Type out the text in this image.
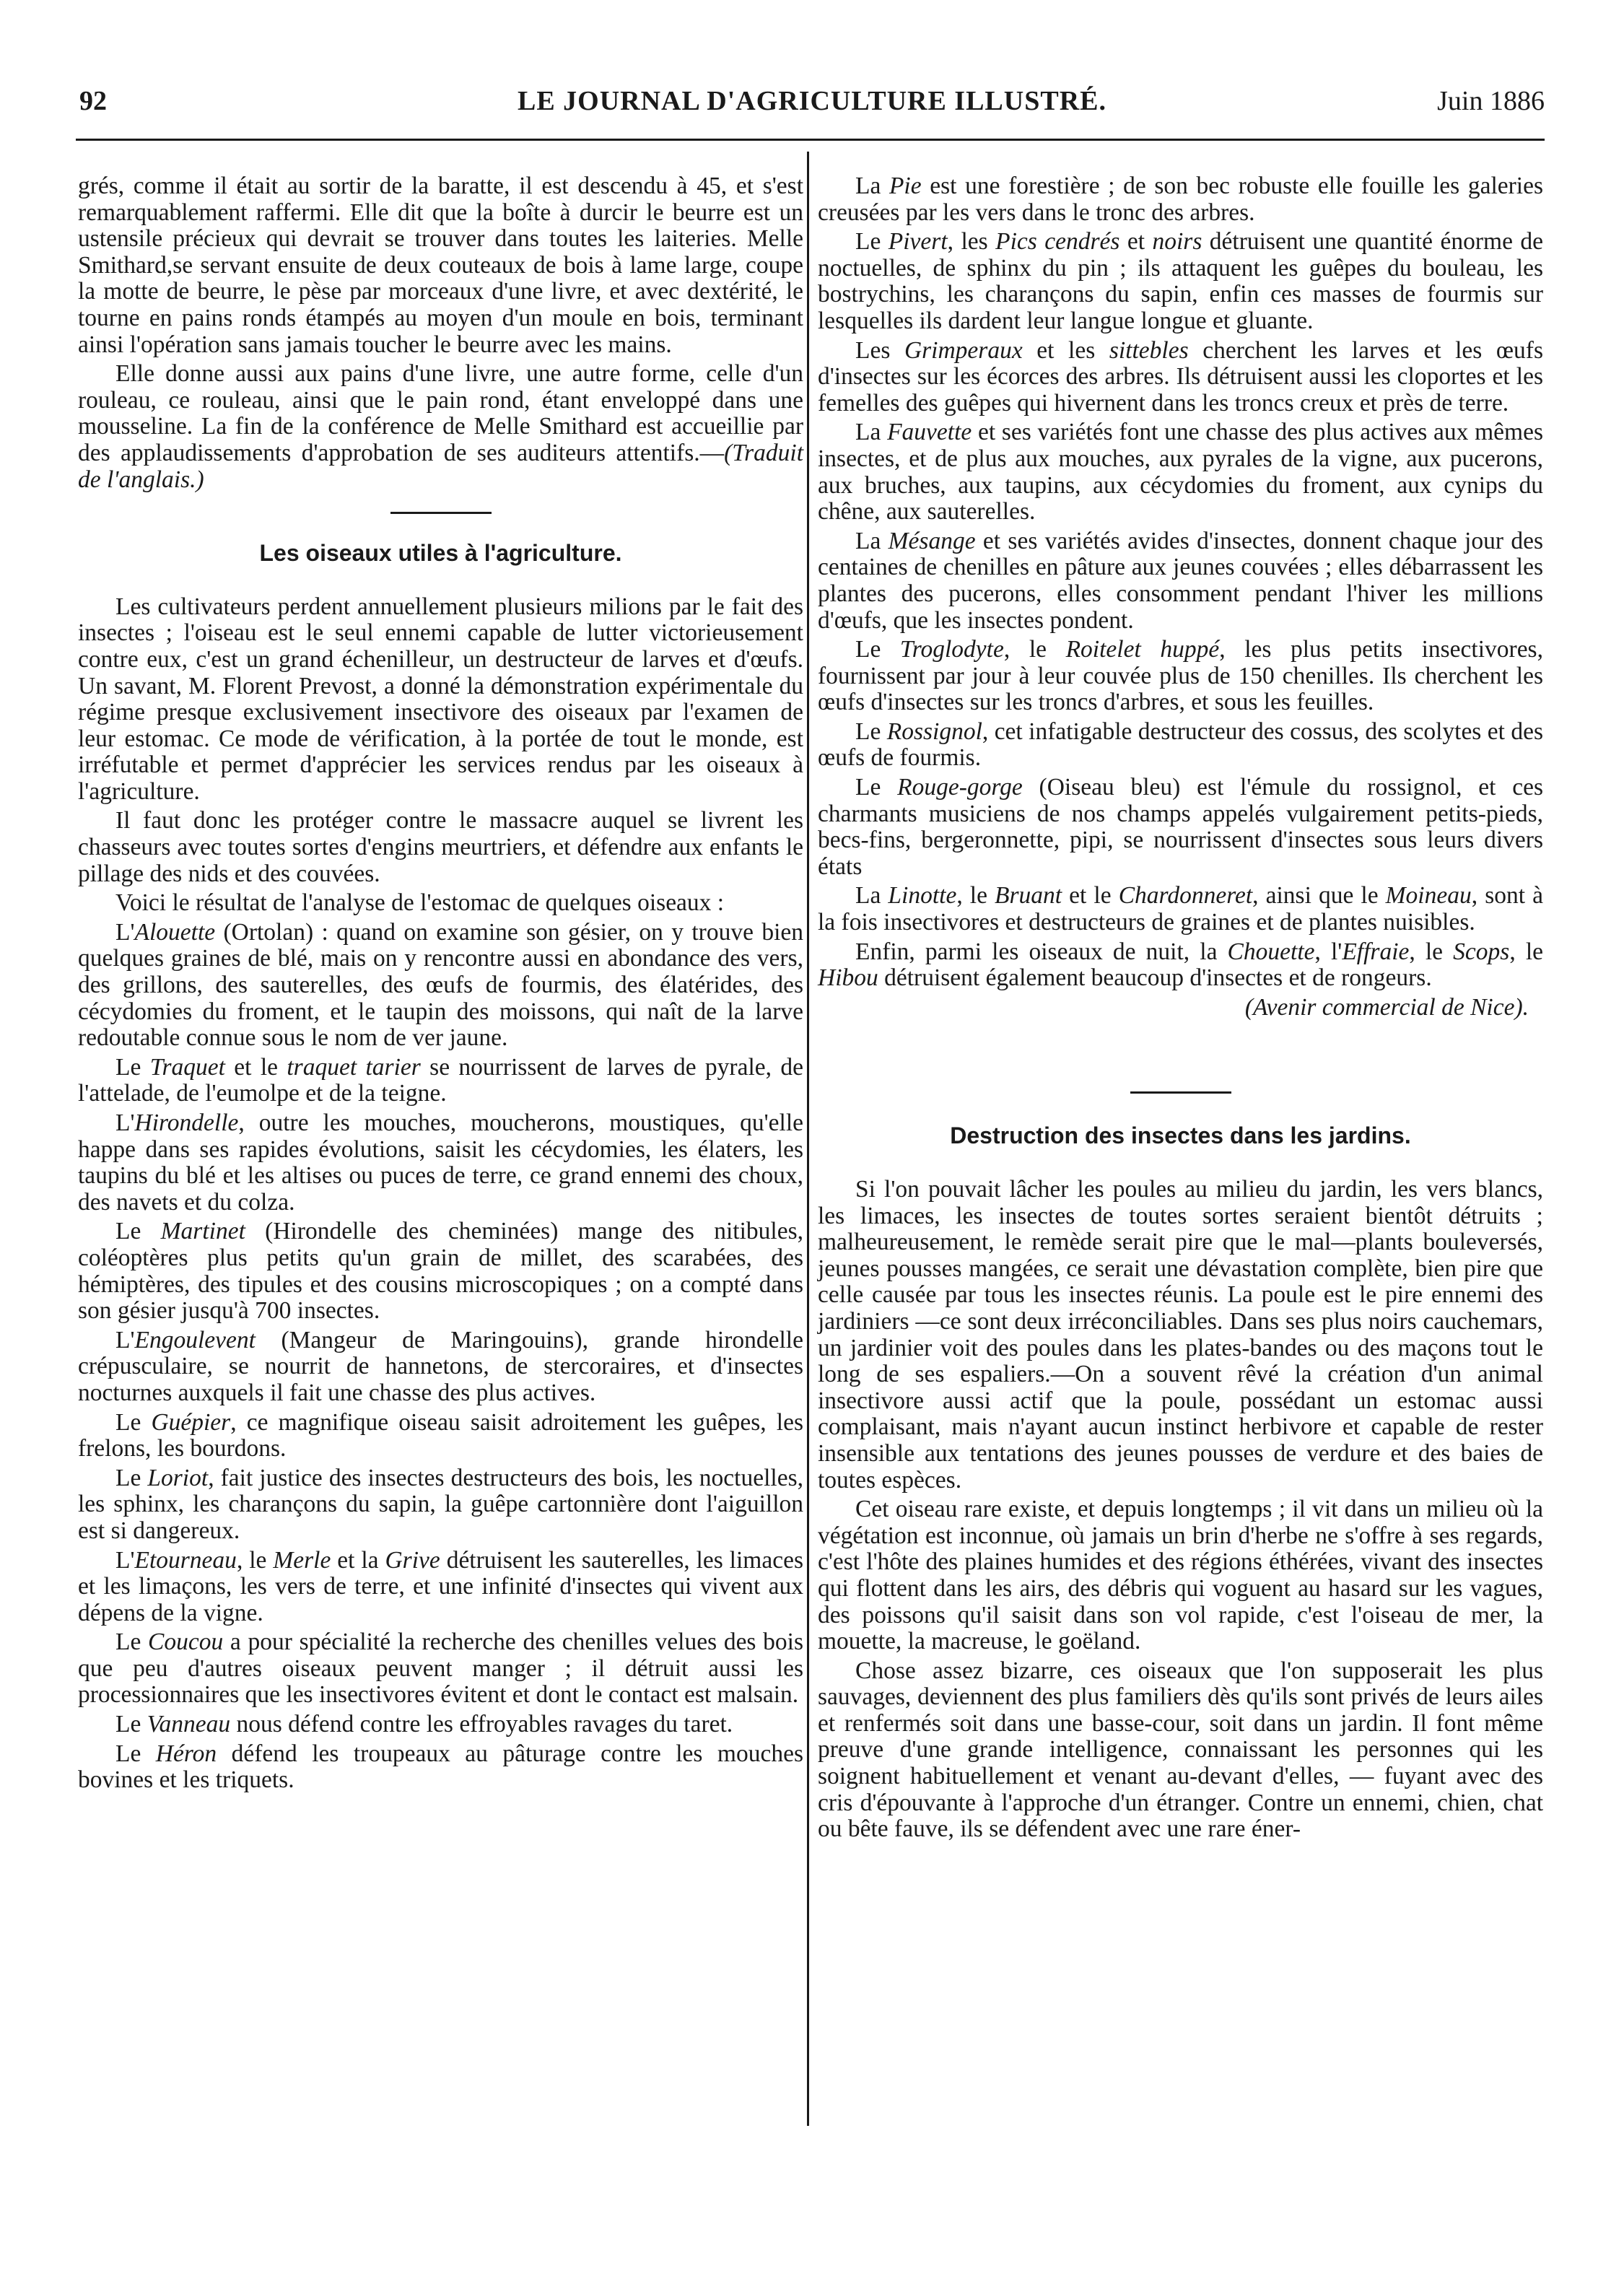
92	LE JOURNAL D'AGRICULTURE ILLUSTRÉ.	Juin 1886

grés, comme il était au sortir de la baratte, il est descendu à 45, et s'est remarquablement raffermi. Elle dit que la boîte à durcir le beurre est un ustensile précieux qui devrait se trouver dans toutes les laiteries. Melle Smithard,se servant ensuite de deux couteaux de bois à lame large, coupe la motte de beurre, le pèse par morceaux d'une livre, et avec dextérité, le tourne en pains ronds étampés au moyen d'un moule en bois, terminant ainsi l'opération sans jamais toucher le beurre avec les mains.

Elle donne aussi aux pains d'une livre, une autre forme, celle d'un rouleau, ce rouleau, ainsi que le pain rond, étant enveloppé dans une mousseline. La fin de la conférence de Melle Smithard est accueillie par des applaudissements d'approbation de ses auditeurs attentifs.—(Traduit de l'anglais.)

Les oiseaux utiles à l'agriculture.

Les cultivateurs perdent annuellement plusieurs milions par le fait des insectes ; l'oiseau est le seul ennemi capable de lutter victorieusement contre eux, c'est un grand échenilleur, un destructeur de larves et d'œufs. Un savant, M. Florent Prevost, a donné la démonstration expérimentale du régime presque exclusivement insectivore des oiseaux par l'examen de leur estomac. Ce mode de vérification, à la portée de tout le monde, est irréfutable et permet d'apprécier les services rendus par les oiseaux à l'agriculture.

Il faut donc les protéger contre le massacre auquel se livrent les chasseurs avec toutes sortes d'engins meurtriers, et défendre aux enfants le pillage des nids et des couvées.

Voici le résultat de l'analyse de l'estomac de quelques oiseaux :

L'Alouette (Ortolan) : quand on examine son gésier, on y trouve bien quelques graines de blé, mais on y rencontre aussi en abondance des vers, des grillons, des sauterelles, des œufs de fourmis, des élatérides, des cécydomies du froment, et le taupin des moissons, qui naît de la larve redoutable connue sous le nom de ver jaune.

Le Traquet et le traquet tarier se nourrissent de larves de pyrale, de l'attelade, de l'eumolpe et de la teigne.

L'Hirondelle, outre les mouches, moucherons, moustiques, qu'elle happe dans ses rapides évolutions, saisit les cécydomies, les élaters, les taupins du blé et les altises ou puces de terre, ce grand ennemi des choux, des navets et du colza.

Le Martinet (Hirondelle des cheminées) mange des nitibules, coléoptères plus petits qu'un grain de millet, des scarabées, des hémiptères, des tipules et des cousins microscopiques ; on a compté dans son gésier jusqu'à 700 insectes.

L'Engoulevent (Mangeur de Maringouins), grande hirondelle crépusculaire, se nourrit de hannetons, de stercoraires, et d'insectes nocturnes auxquels il fait une chasse des plus actives.

Le Guépier, ce magnifique oiseau saisit adroitement les guêpes, les frelons, les bourdons.

Le Loriot, fait justice des insectes destructeurs des bois, les noctuelles, les sphinx, les charançons du sapin, la guêpe cartonnière dont l'aiguillon est si dangereux.

L'Etourneau, le Merle et la Grive détruisent les sauterelles, les limaces et les limaçons, les vers de terre, et une infinité d'insectes qui vivent aux dépens de la vigne.

Le Coucou a pour spécialité la recherche des chenilles velues des bois que peu d'autres oiseaux peuvent manger ; il détruit aussi les processionnaires que les insectivores évitent et dont le contact est malsain.

Le Vanneau nous défend contre les effroyables ravages du taret.

Le Héron défend les troupeaux au pâturage contre les mouches bovines et les triquets.

La Pie est une forestière ; de son bec robuste elle fouille les galeries creusées par les vers dans le tronc des arbres.

Le Pivert, les Pics cendrés et noirs détruisent une quantité énorme de noctuelles, de sphinx du pin ; ils attaquent les guêpes du bouleau, les bostrychins, les charançons du sapin, enfin ces masses de fourmis sur lesquelles ils dardent leur langue longue et gluante.

Les Grimperaux et les sittebles cherchent les larves et les œufs d'insectes sur les écorces des arbres. Ils détruisent aussi les cloportes et les femelles des guêpes qui hivernent dans les troncs creux et près de terre.

La Fauvette et ses variétés font une chasse des plus actives aux mêmes insectes, et de plus aux mouches, aux pyrales de la vigne, aux pucerons, aux bruches, aux taupins, aux cécydomies du froment, aux cynips du chêne, aux sauterelles.

La Mésange et ses variétés avides d'insectes, donnent chaque jour des centaines de chenilles en pâture aux jeunes couvées ; elles débarrassent les plantes des pucerons, elles consomment pendant l'hiver les millions d'œufs, que les insectes pondent.

Le Troglodyte, le Roitelet huppé, les plus petits insectivores, fournissent par jour à leur couvée plus de 150 chenilles. Ils cherchent les œufs d'insectes sur les troncs d'arbres, et sous les feuilles.

Le Rossignol, cet infatigable destructeur des cossus, des scolytes et des œufs de fourmis.

Le Rouge-gorge (Oiseau bleu) est l'émule du rossignol, et ces charmants musiciens de nos champs appelés vulgairement petits-pieds, becs-fins, bergeronnette, pipi, se nourrissent d'insectes sous leurs divers états

La Linotte, le Bruant et le Chardonneret, ainsi que le Moineau, sont à la fois insectivores et destructeurs de graines et de plantes nuisibles.

Enfin, parmi les oiseaux de nuit, la Chouette, l'Effraie, le Scops, le Hibou détruisent également beaucoup d'insectes et de rongeurs.

(Avenir commercial de Nice).

Destruction des insectes dans les jardins.

Si l'on pouvait lâcher les poules au milieu du jardin, les vers blancs, les limaces, les insectes de toutes sortes seraient bientôt détruits ; malheureusement, le remède serait pire que le mal—plants bouleversés, jeunes pousses mangées, ce serait une dévastation complète, bien pire que celle causée par tous les insectes réunis. La poule est le pire ennemi des jardiniers —ce sont deux irréconciliables. Dans ses plus noirs cauchemars, un jardinier voit des poules dans les plates-bandes ou des maçons tout le long de ses espaliers.—On a souvent rêvé la création d'un animal insectivore aussi actif que la poule, possédant un estomac aussi complaisant, mais n'ayant aucun instinct herbivore et capable de rester insensible aux tentations des jeunes pousses de verdure et des baies de toutes espèces.

Cet oiseau rare existe, et depuis longtemps ; il vit dans un milieu où la végétation est inconnue, où jamais un brin d'herbe ne s'offre à ses regards, c'est l'hôte des plaines humides et des régions éthérées, vivant des insectes qui flottent dans les airs, des débris qui voguent au hasard sur les vagues, des poissons qu'il saisit dans son vol rapide, c'est l'oiseau de mer, la mouette, la macreuse, le goëland.

Chose assez bizarre, ces oiseaux que l'on supposerait les plus sauvages, deviennent des plus familiers dès qu'ils sont privés de leurs ailes et renfermés soit dans une basse-cour, soit dans un jardin. Il font même preuve d'une grande intelligence, connaissant les personnes qui les soignent habituellement et venant au-devant d'elles, — fuyant avec des cris d'épouvante à l'approche d'un étranger. Contre un ennemi, chien, chat ou bête fauve, ils se défendent avec une rare éner-
